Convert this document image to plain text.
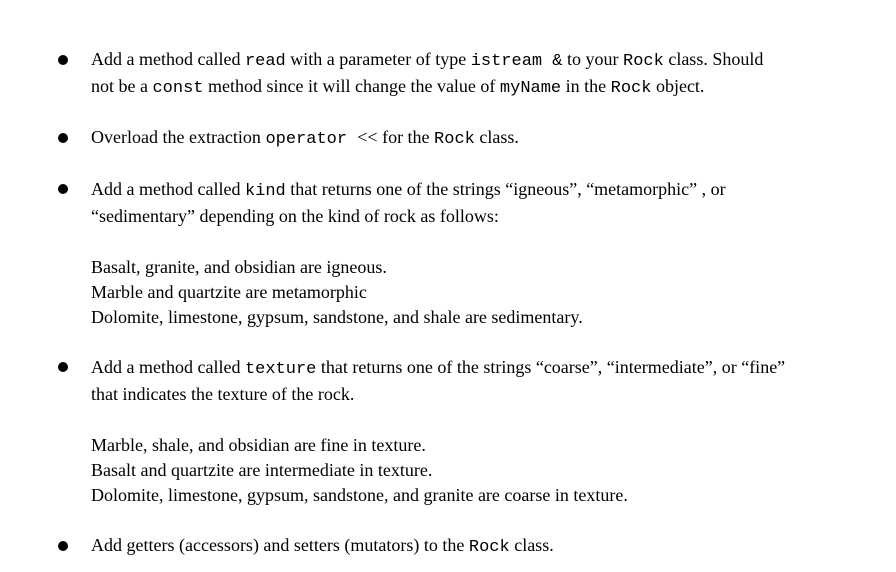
Add a method called read with a parameter of type istream & to your Rock class. Should
not be a const method since it will change the value of myName in the Rock object.
Overload the extraction operator << for the Rock class.
Add a method called kind that returns one of the strings “igneous”, “metamorphic” , or
“sedimentary” depending on the kind of rock as follows:
Basalt, granite, and obsidian are igneous.
Marble and quartzite are metamorphic
Dolomite, limestone, gypsum, sandstone, and shale are sedimentary.
Add a method called texture that returns one of the strings “coarse”, “intermediate”, or “fine”
that indicates the texture of the rock.
Marble, shale, and obsidian are fine in texture.
Basalt and quartzite are intermediate in texture.
Dolomite, limestone, gypsum, sandstone, and granite are coarse in texture.
Add getters (accessors) and setters (mutators) to the Rock class.
